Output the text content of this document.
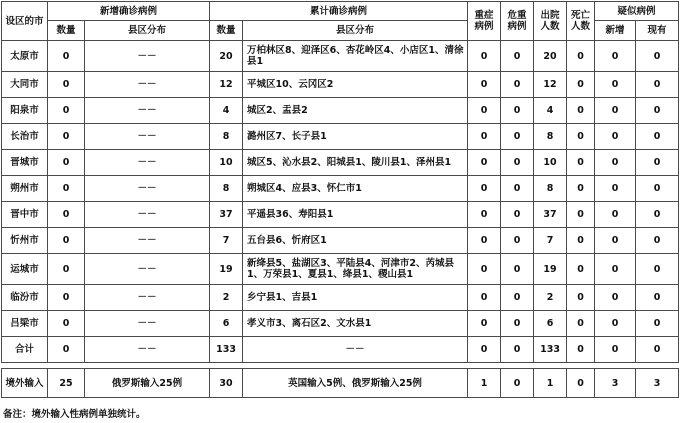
设区的市	新增确诊病例		累计确诊病例		重症病例	危重病例	出院人数	死亡人数	疑似病例	
	数量	县区分布	数量	县区分布					新增	现有
太原市	0	－－	20	万柏林区8、迎泽区6、杏花岭区4、小店区1、清徐县1	0	0	20	0	0	0
大同市	0	－－	12	平城区10、云冈区2	0	0	12	0	0	0
阳泉市	0	－－	4	城区2、盂县2	0	0	4	0	0	0
长治市	0	－－	8	潞州区7、长子县1	0	0	8	0	0	0
晋城市	0	－－	10	城区5、沁水县2、阳城县1、陵川县1、泽州县1	0	0	10	0	0	0
朔州市	0	－－	8	朔城区4、应县3、怀仁市1	0	0	8	0	0	0
晋中市	0	－－	37	平遥县36、寿阳县1	0	0	37	0	0	0
忻州市	0	－－	7	五台县6、忻府区1	0	0	7	0	0	0
运城市	0	－－	19	新绛县5、盐湖区3、平陆县4、河津市2、芮城县1、万荣县1、夏县1、绛县1、稷山县1	0	0	19	0	0	0
临汾市	0	－－	2	乡宁县1、吉县1	0	0	2	0	0	0
吕梁市	0	－－	6	孝义市3、离石区2、文水县1	0	0	6	0	0	0
合计	0	－－	133	－－	0	0	133	0	0	0

境外输入	25	俄罗斯输入25例	30	英国输入5例、俄罗斯输入25例	1	0	1	0	3	3
备注：境外输入性病例单独统计。
